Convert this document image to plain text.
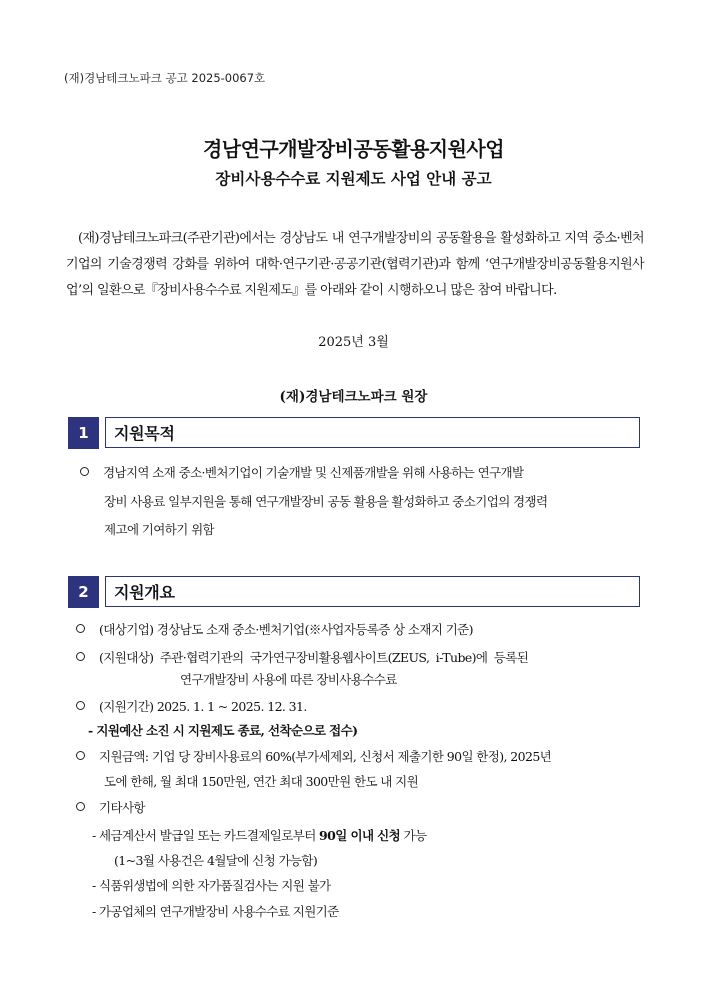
(재)경남테크노파크 공고 2025-0067호
경남연구개발장비공동활용지원사업
장비사용수수료 지원제도 사업 안내 공고

(재)경남테크노파크(주관기관)에서는 경상남도 내 연구개발장비의 공동활용을 활성화하고 지역 중소·벤처기업의 기술경쟁력 강화를 위하여 대학·연구기관·공공기관(협력기관)과 함께 ‘연구개발장비공동활용지원사업’의 일환으로『장비사용수수료 지원제도』를 아래와 같이 시행하오니 많은 참여 바랍니다.

2025년 3월
(재)경남테크노파크 원장
1	지원목적
경남지역 소재 중소·벤처기업이 기술개발 및 신제품개발을 위해 사용하는 연구개발
장비 사용료 일부지원을 통해 연구개발장비 공동 활용을 활성화하고 중소기업의 경쟁력
제고에 기여하기 위함
2	지원개요
(대상기업) 경상남도 소재 중소·벤처기업(※사업자등록증 상 소재지 기준)
(지원대상) 주관·협력기관의 국가연구장비활용웹사이트(ZEUS, i-Tube)에 등록된
연구개발장비 사용에 따른 장비사용수수료
(지원기간) 2025. 1. 1 ~ 2025. 12. 31.
- 지원예산 소진 시 지원제도 종료, 선착순으로 접수)
지원금액: 기업 당 장비사용료의 60%(부가세제외, 신청서 제출기한 90일 한정), 2025년
도에 한해, 월 최대 150만원, 연간 최대 300만원 한도 내 지원
기타사항
- 세금계산서 발급일 또는 카드결제일로부터 90일 이내 신청 가능
(1~3월 사용건은 4월달에 신청 가능함)
- 식품위생법에 의한 자가품질검사는 지원 불가
- 가공업체의 연구개발장비 사용수수료 지원기준
